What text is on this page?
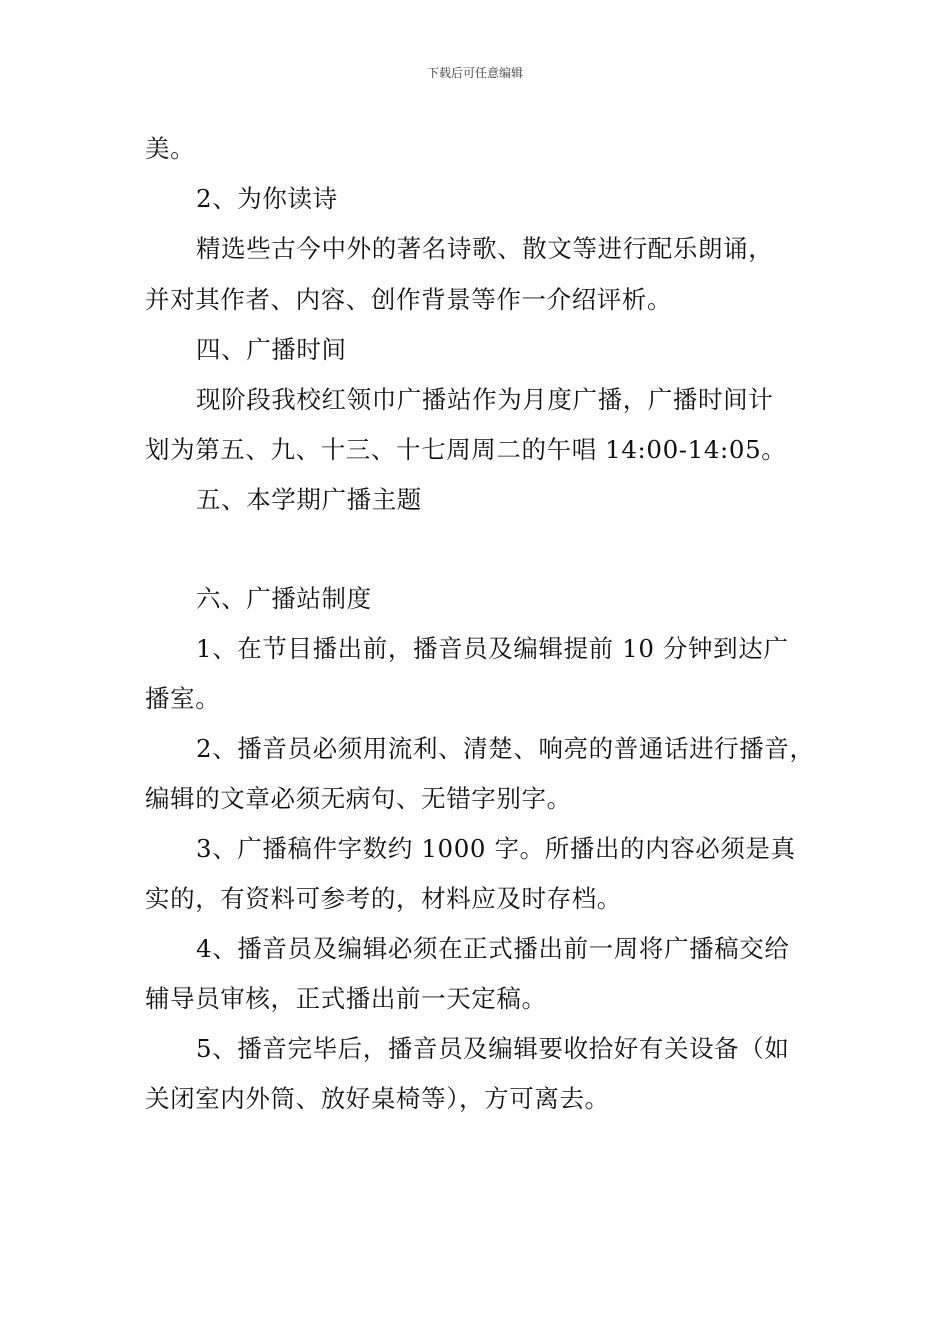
下载后可任意编辑
美。
2、为你读诗
精选些古今中外的著名诗歌、散文等进行配乐朗诵，
并对其作者、内容、创作背景等作一介绍评析。
四、广播时间
现阶段我校红领巾广播站作为月度广播，广播时间计
划为第五、九、十三、十七周周二的午唱 14:00-14:05。
五、本学期广播主题
六、广播站制度
1、在节目播出前，播音员及编辑提前 10 分钟到达广
播室。
2、播音员必须用流利、清楚、响亮的普通话进行播音，
编辑的文章必须无病句、无错字别字。
3、广播稿件字数约 1000 字。所播出的内容必须是真
实的，有资料可参考的，材料应及时存档。
4、播音员及编辑必须在正式播出前一周将广播稿交给
辅导员审核，正式播出前一天定稿。
5、播音完毕后，播音员及编辑要收拾好有关设备（如
关闭室内外筒、放好桌椅等），方可离去。
